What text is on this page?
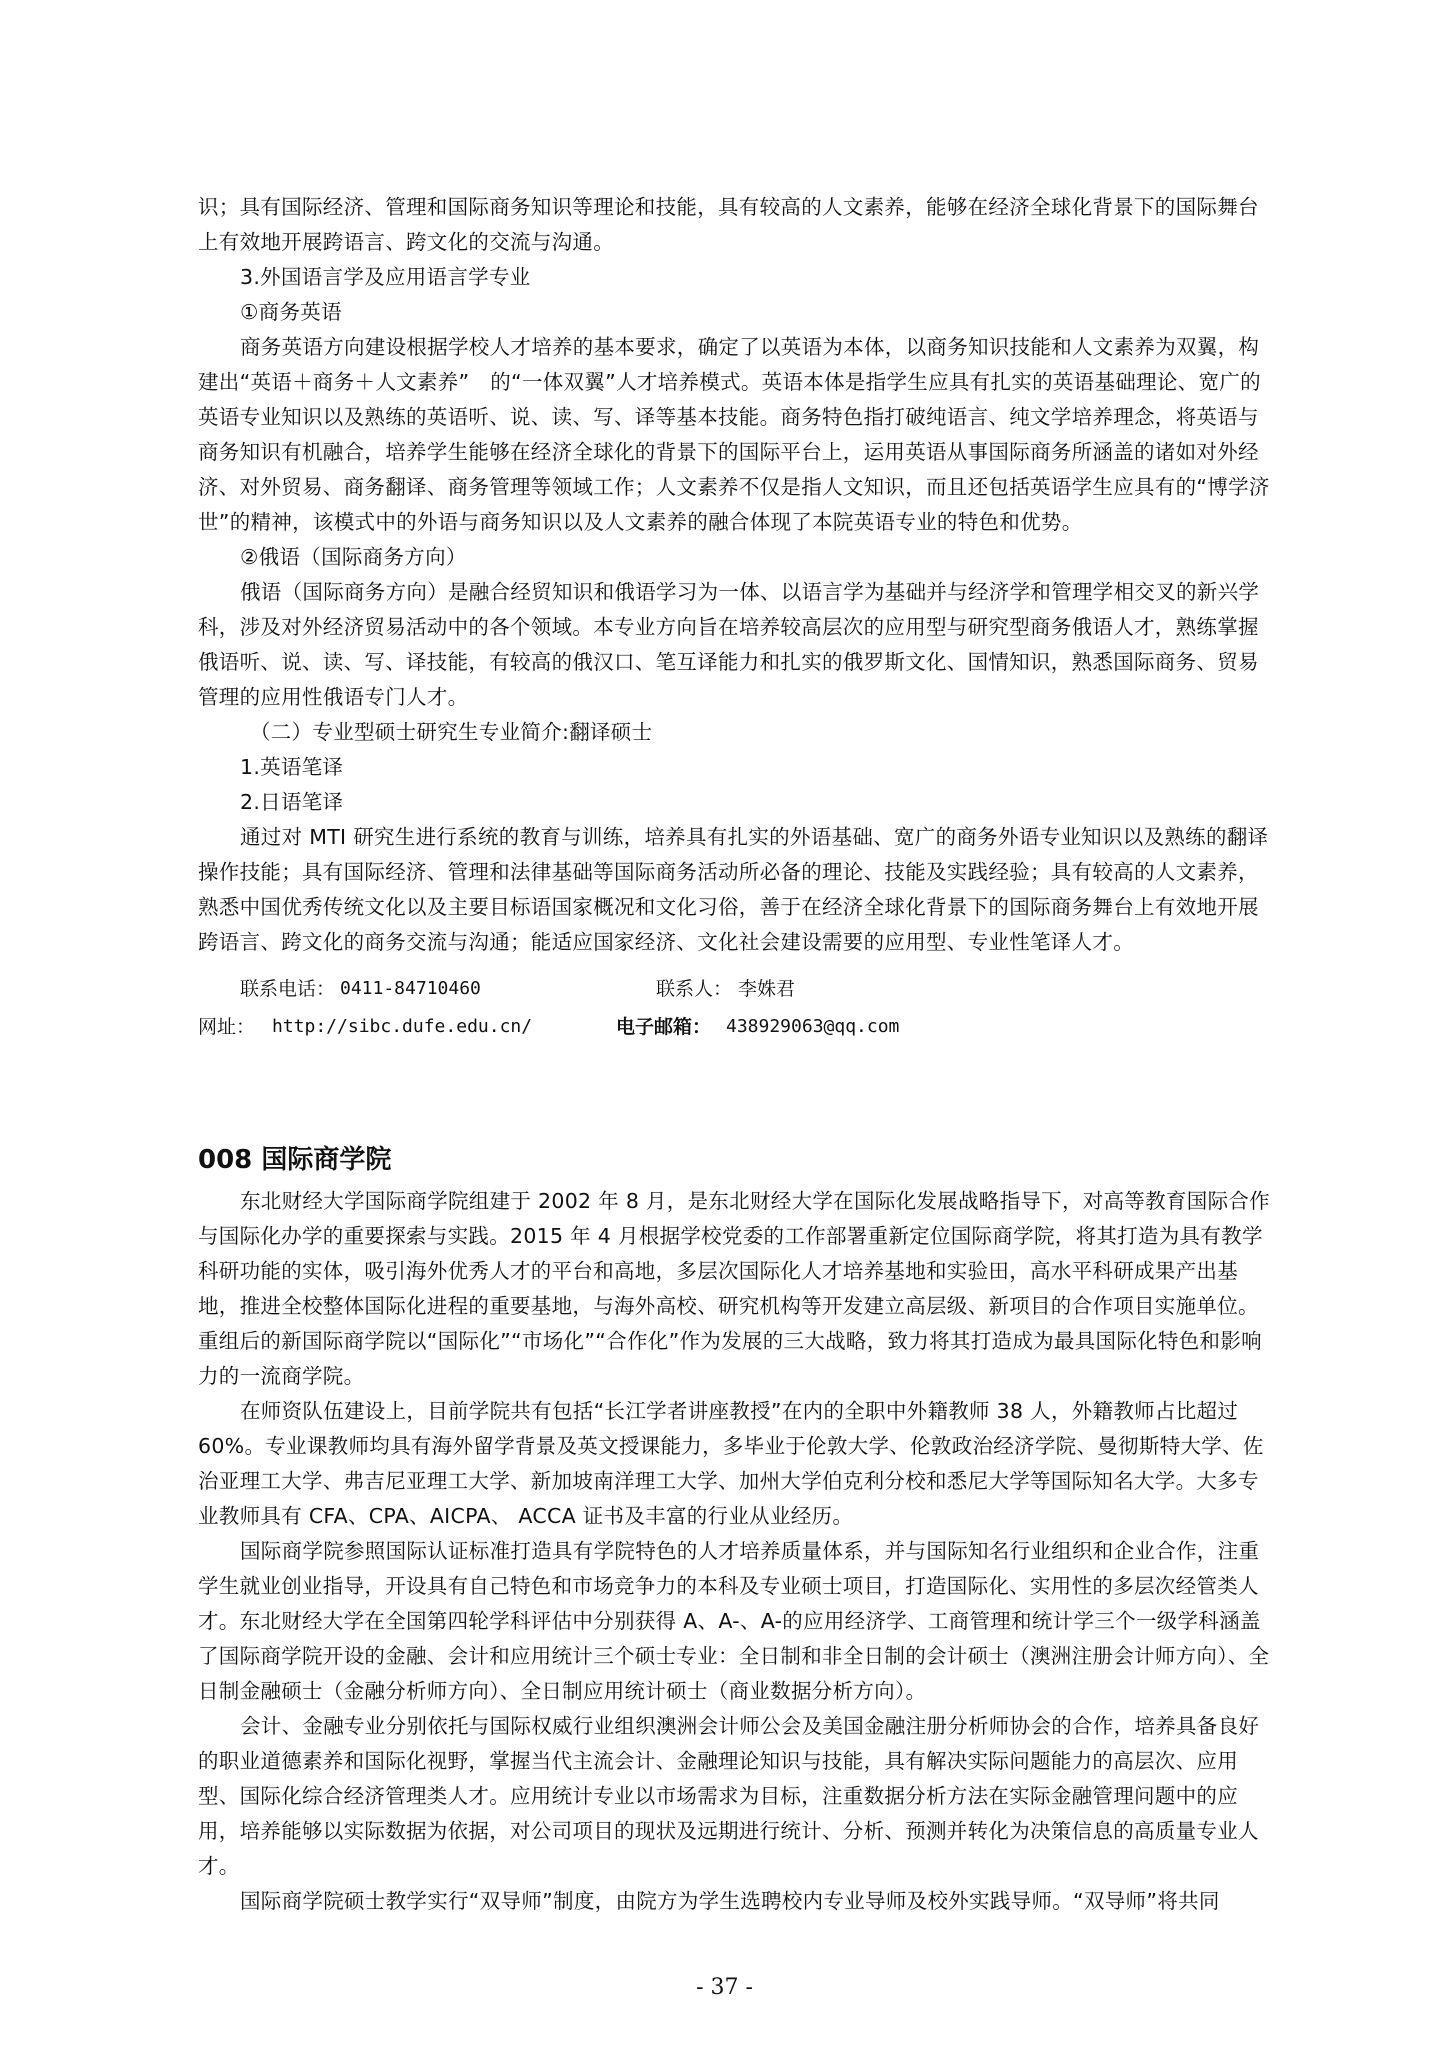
识；具有国际经济、管理和国际商务知识等理论和技能，具有较高的人文素养，能够在经济全球化背景下的国际舞台上有效地开展跨语言、跨文化的交流与沟通。

3.外国语言学及应用语言学专业

①商务英语

商务英语方向建设根据学校人才培养的基本要求，确定了以英语为本体，以商务知识技能和人文素养为双翼，构建出“英语＋商务＋人文素养”　的“一体双翼”人才培养模式。英语本体是指学生应具有扎实的英语基础理论、宽广的英语专业知识以及熟练的英语听、说、读、写、译等基本技能。商务特色指打破纯语言、纯文学培养理念，将英语与商务知识有机融合，培养学生能够在经济全球化的背景下的国际平台上，运用英语从事国际商务所涵盖的诸如对外经济、对外贸易、商务翻译、商务管理等领域工作；人文素养不仅是指人文知识，而且还包括英语学生应具有的“博学济世”的精神，该模式中的外语与商务知识以及人文素养的融合体现了本院英语专业的特色和优势。

②俄语（国际商务方向）

俄语（国际商务方向）是融合经贸知识和俄语学习为一体、以语言学为基础并与经济学和管理学相交叉的新兴学科，涉及对外经济贸易活动中的各个领域。本专业方向旨在培养较高层次的应用型与研究型商务俄语人才，熟练掌握俄语听、说、读、写、译技能，有较高的俄汉口、笔互译能力和扎实的俄罗斯文化、国情知识，熟悉国际商务、贸易管理的应用性俄语专门人才。

（二）专业型硕士研究生专业简介:翻译硕士

1.英语笔译

2.日语笔译

通过对 MTI 研究生进行系统的教育与训练，培养具有扎实的外语基础、宽广的商务外语专业知识以及熟练的翻译操作技能；具有国际经济、管理和法律基础等国际商务活动所必备的理论、技能及实践经验；具有较高的人文素养，熟悉中国优秀传统文化以及主要目标语国家概况和文化习俗，善于在经济全球化背景下的国际商务舞台上有效地开展跨语言、跨文化的商务交流与沟通；能适应国家经济、文化社会建设需要的应用型、专业性笔译人才。

联系电话： 0411-84710460	联系人： 李姝君
网址： http://sibc.dufe.edu.cn/	电子邮箱： 438929063@qq.com
008 国际商学院

东北财经大学国际商学院组建于 2002 年 8 月，是东北财经大学在国际化发展战略指导下，对高等教育国际合作与国际化办学的重要探索与实践。2015 年 4 月根据学校党委的工作部署重新定位国际商学院，将其打造为具有教学科研功能的实体，吸引海外优秀人才的平台和高地，多层次国际化人才培养基地和实验田，高水平科研成果产出基地，推进全校整体国际化进程的重要基地，与海外高校、研究机构等开发建立高层级、新项目的合作项目实施单位。重组后的新国际商学院以“国际化”“市场化”“合作化”作为发展的三大战略，致力将其打造成为最具国际化特色和影响力的一流商学院。

在师资队伍建设上，目前学院共有包括“长江学者讲座教授”在内的全职中外籍教师 38 人，外籍教师占比超过 60%。专业课教师均具有海外留学背景及英文授课能力，多毕业于伦敦大学、伦敦政治经济学院、曼彻斯特大学、佐治亚理工大学、弗吉尼亚理工大学、新加坡南洋理工大学、加州大学伯克利分校和悉尼大学等国际知名大学。大多专业教师具有 CFA、CPA、AICPA、 ACCA 证书及丰富的行业从业经历。

国际商学院参照国际认证标准打造具有学院特色的人才培养质量体系，并与国际知名行业组织和企业合作，注重学生就业创业指导，开设具有自己特色和市场竞争力的本科及专业硕士项目，打造国际化、实用性的多层次经管类人才。东北财经大学在全国第四轮学科评估中分别获得 A、A-、A-的应用经济学、工商管理和统计学三个一级学科涵盖了国际商学院开设的金融、会计和应用统计三个硕士专业：全日制和非全日制的会计硕士（澳洲注册会计师方向）、全日制金融硕士（金融分析师方向）、全日制应用统计硕士（商业数据分析方向）。

会计、金融专业分别依托与国际权威行业组织澳洲会计师公会及美国金融注册分析师协会的合作，培养具备良好的职业道德素养和国际化视野，掌握当代主流会计、金融理论知识与技能，具有解决实际问题能力的高层次、应用型、国际化综合经济管理类人才。应用统计专业以市场需求为目标，注重数据分析方法在实际金融管理问题中的应用，培养能够以实际数据为依据，对公司项目的现状及远期进行统计、分析、预测并转化为决策信息的高质量专业人才。

国际商学院硕士教学实行“双导师”制度，由院方为学生选聘校内专业导师及校外实践导师。“双导师”将共同

- 37 -
